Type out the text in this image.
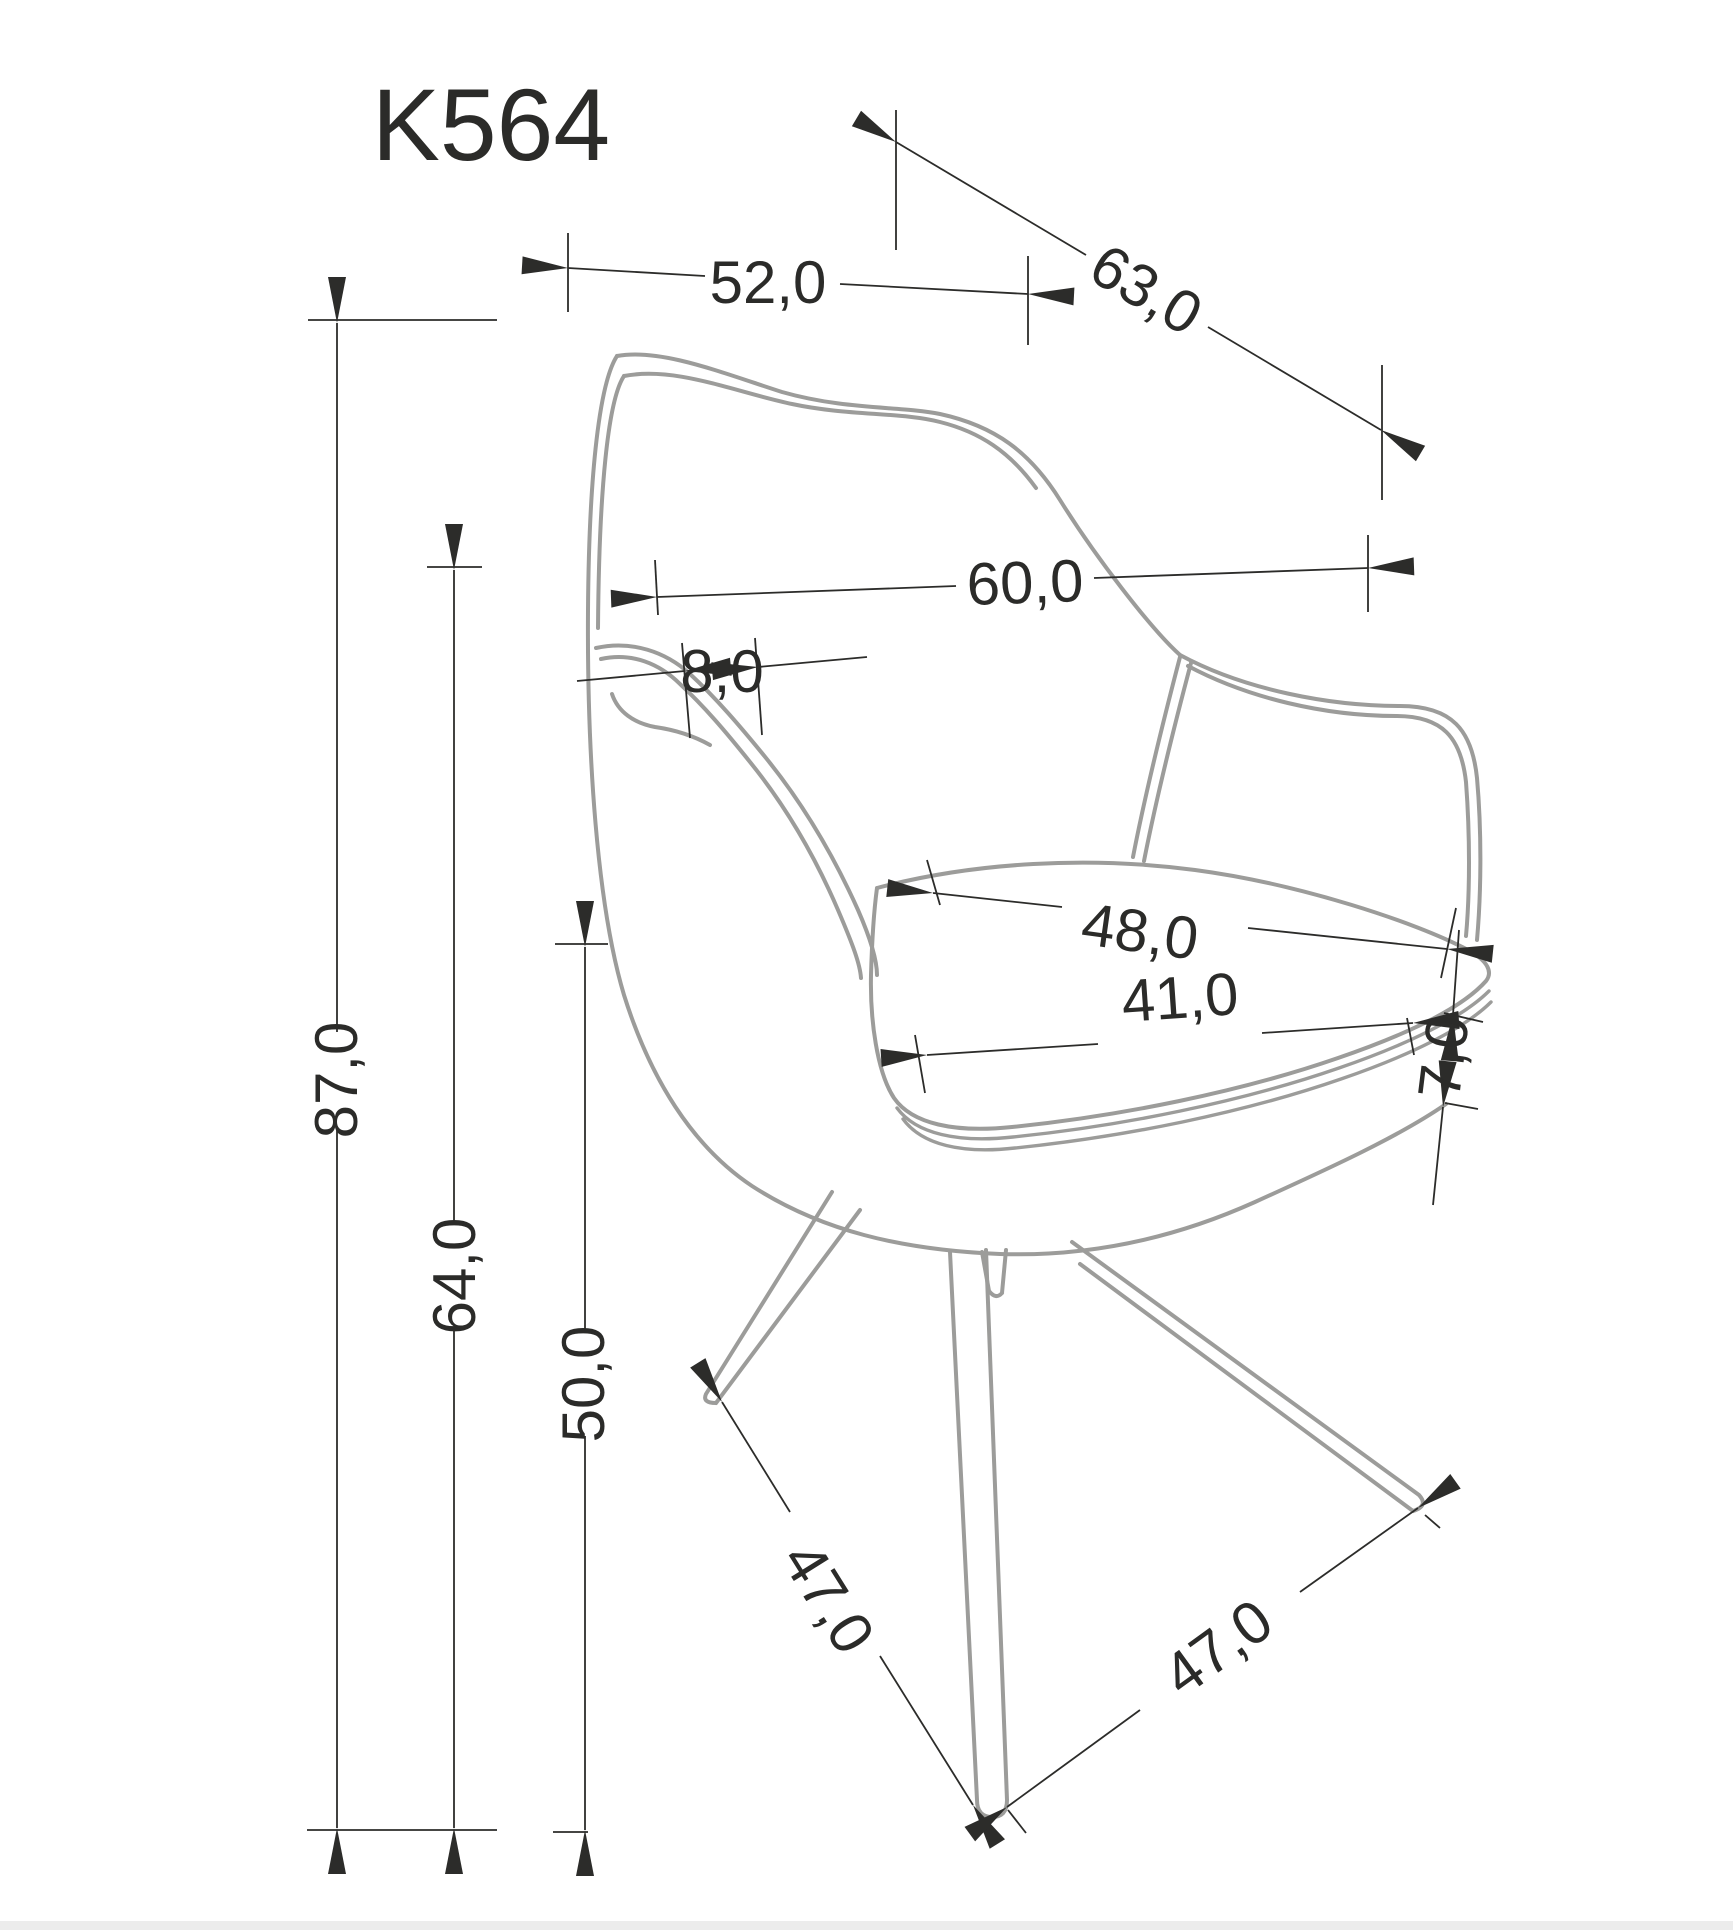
K564
52,0	63,0
60,0
8,0
87,0
64,0
50,0
48,0
41,0
7,0
47,0	47,0
